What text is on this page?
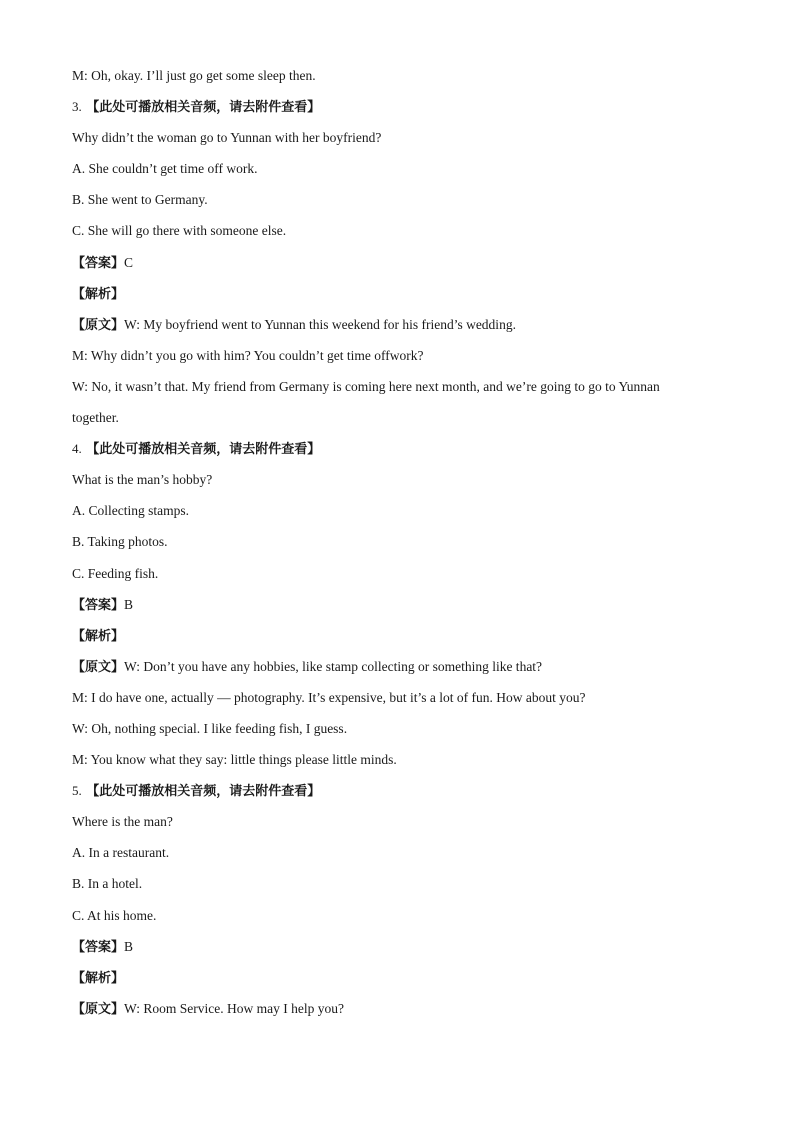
M: Oh, okay. I’ll just go get some sleep then.
3. 【此处可播放相关音频，请去附件查看】
Why didn’t the woman go to Yunnan with her boyfriend?
A. She couldn’t get time off work.
B. She went to Germany.
C. She will go there with someone else.
【答案】C
【解析】
【原文】W: My boyfriend went to Yunnan this weekend for his friend’s wedding.
M: Why didn’t you go with him? You couldn’t get time offwork?
W: No, it wasn’t that. My friend from Germany is coming here next month, and we’re going to go to Yunnan
together.
4. 【此处可播放相关音频，请去附件查看】
What is the man’s hobby?
A. Collecting stamps.
B. Taking photos.
C. Feeding fish.
【答案】B
【解析】
【原文】W: Don’t you have any hobbies, like stamp collecting or something like that?
M: I do have one, actually — photography. It’s expensive, but it’s a lot of fun. How about you?
W: Oh, nothing special. I like feeding fish, I guess.
M: You know what they say: little things please little minds.
5. 【此处可播放相关音频，请去附件查看】
Where is the man?
A. In a restaurant.
B. In a hotel.
C. At his home.
【答案】B
【解析】
【原文】W: Room Service. How may I help you?
